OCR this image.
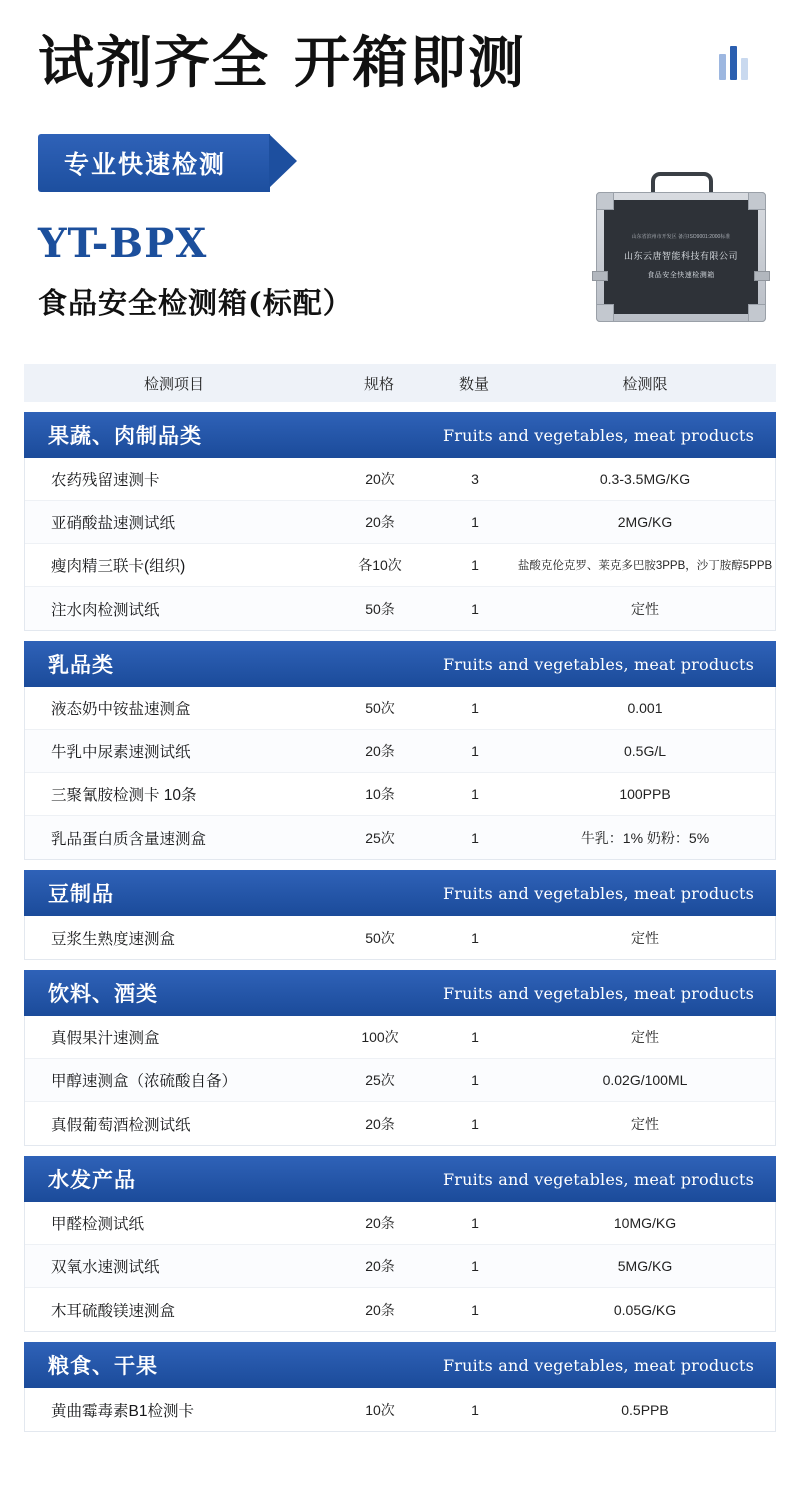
试剂齐全 开箱即测
专业快速检测
YT-BPX
食品安全检测箱(标配）
山东省滨州市开发区 备注ISO9001:2000标准
山东云唐智能科技有限公司
食品安全快速检测箱
检测项目	规格	数量	检测限
果蔬、肉制品类	Fruits and vegetables, meat products
农药残留速测卡	20次	3	0.3-3.5MG/KG
亚硝酸盐速测试纸	20条	1	2MG/KG
瘦肉精三联卡(组织)	各10次	1	盐酸克伦克罗、莱克多巴胺3PPB，沙丁胺醇5PPB
注水肉检测试纸	50条	1	定性
乳品类	Fruits and vegetables, meat products
液态奶中铵盐速测盒	50次	1	0.001
牛乳中尿素速测试纸	20条	1	0.5G/L
三聚氰胺检测卡 10条	10条	1	100PPB
乳品蛋白质含量速测盒	25次	1	牛乳：1% 奶粉：5%
豆制品	Fruits and vegetables, meat products
豆浆生熟度速测盒	50次	1	定性
饮料、酒类	Fruits and vegetables, meat products
真假果汁速测盒	100次	1	定性
甲醇速测盒（浓硫酸自备）	25次	1	0.02G/100ML
真假葡萄酒检测试纸	20条	1	定性
水发产品	Fruits and vegetables, meat products
甲醛检测试纸	20条	1	10MG/KG
双氧水速测试纸	20条	1	5MG/KG
木耳硫酸镁速测盒	20条	1	0.05G/KG
粮食、干果	Fruits and vegetables, meat products
黄曲霉毒素B1检测卡	10次	1	0.5PPB
